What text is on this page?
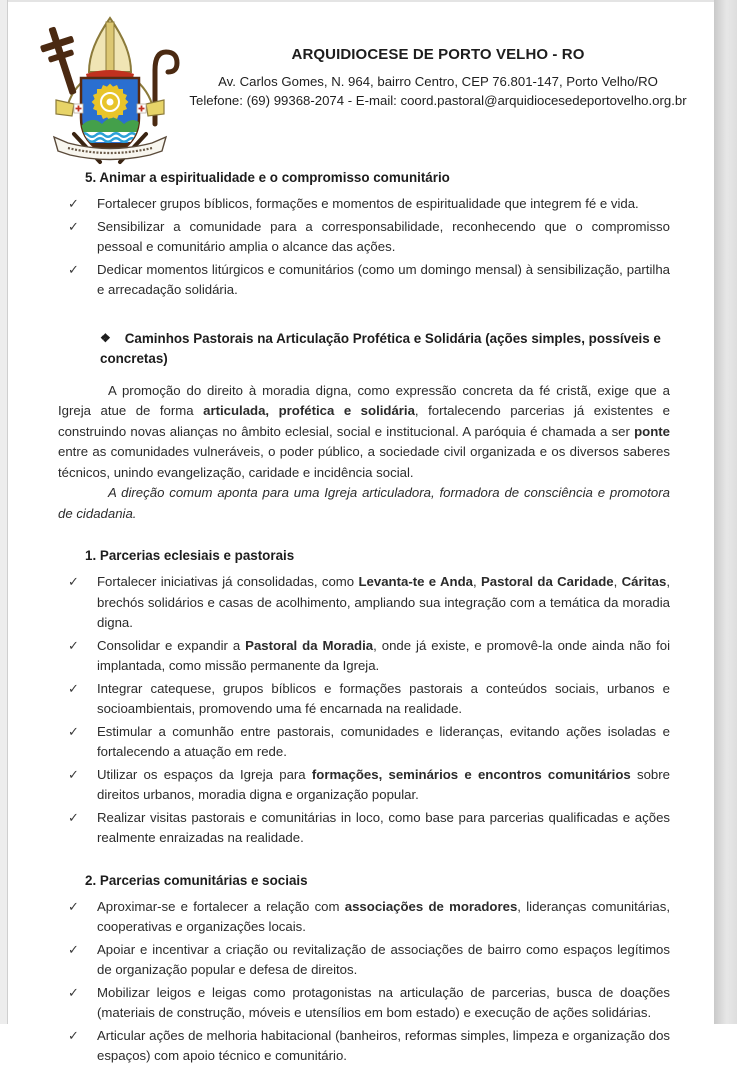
ARQUIDIOCESE DE PORTO VELHO - RO
Av. Carlos Gomes, N. 964, bairro Centro, CEP 76.801-147, Porto Velho/RO
Telefone: (69) 99368-2074 - E-mail: coord.pastoral@arquidiocesedeportovelho.org.br
5. Animar a espiritualidade e o compromisso comunitário
✓	Fortalecer grupos bíblicos, formações e momentos de espiritualidade que integrem fé e vida.
✓	Sensibilizar a comunidade para a corresponsabilidade, reconhecendo que o compromisso pessoal e comunitário amplia o alcance das ações.
✓	Dedicar momentos litúrgicos e comunitários (como um domingo mensal) à sensibilização, partilha e arrecadação solidária.
❖ Caminhos Pastorais na Articulação Profética e Solidária (ações simples, possíveis e concretas)

A promoção do direito à moradia digna, como expressão concreta da fé cristã, exige que a Igreja atue de forma articulada, profética e solidária, fortalecendo parcerias já existentes e construindo novas alianças no âmbito eclesial, social e institucional. A paróquia é chamada a ser ponte entre as comunidades vulneráveis, o poder público, a sociedade civil organizada e os diversos saberes técnicos, unindo evangelização, caridade e incidência social.

A direção comum aponta para uma Igreja articuladora, formadora de consciência e promotora de cidadania.

1. Parcerias eclesiais e pastorais
✓	Fortalecer iniciativas já consolidadas, como Levanta-te e Anda, Pastoral da Caridade, Cáritas, brechós solidários e casas de acolhimento, ampliando sua integração com a temática da moradia digna.
✓	Consolidar e expandir a Pastoral da Moradia, onde já existe, e promovê-la onde ainda não foi implantada, como missão permanente da Igreja.
✓	Integrar catequese, grupos bíblicos e formações pastorais a conteúdos sociais, urbanos e socioambientais, promovendo uma fé encarnada na realidade.
✓	Estimular a comunhão entre pastorais, comunidades e lideranças, evitando ações isoladas e fortalecendo a atuação em rede.
✓	Utilizar os espaços da Igreja para formações, seminários e encontros comunitários sobre direitos urbanos, moradia digna e organização popular.
✓	Realizar visitas pastorais e comunitárias in loco, como base para parcerias qualificadas e ações realmente enraizadas na realidade.
2. Parcerias comunitárias e sociais
✓	Aproximar-se e fortalecer a relação com associações de moradores, lideranças comunitárias, cooperativas e organizações locais.
✓	Apoiar e incentivar a criação ou revitalização de associações de bairro como espaços legítimos de organização popular e defesa de direitos.
✓	Mobilizar leigos e leigas como protagonistas na articulação de parcerias, busca de doações (materiais de construção, móveis e utensílios em bom estado) e execução de ações solidárias.
✓	Articular ações de melhoria habitacional (banheiros, reformas simples, limpeza e organização dos espaços) com apoio técnico e comunitário.
